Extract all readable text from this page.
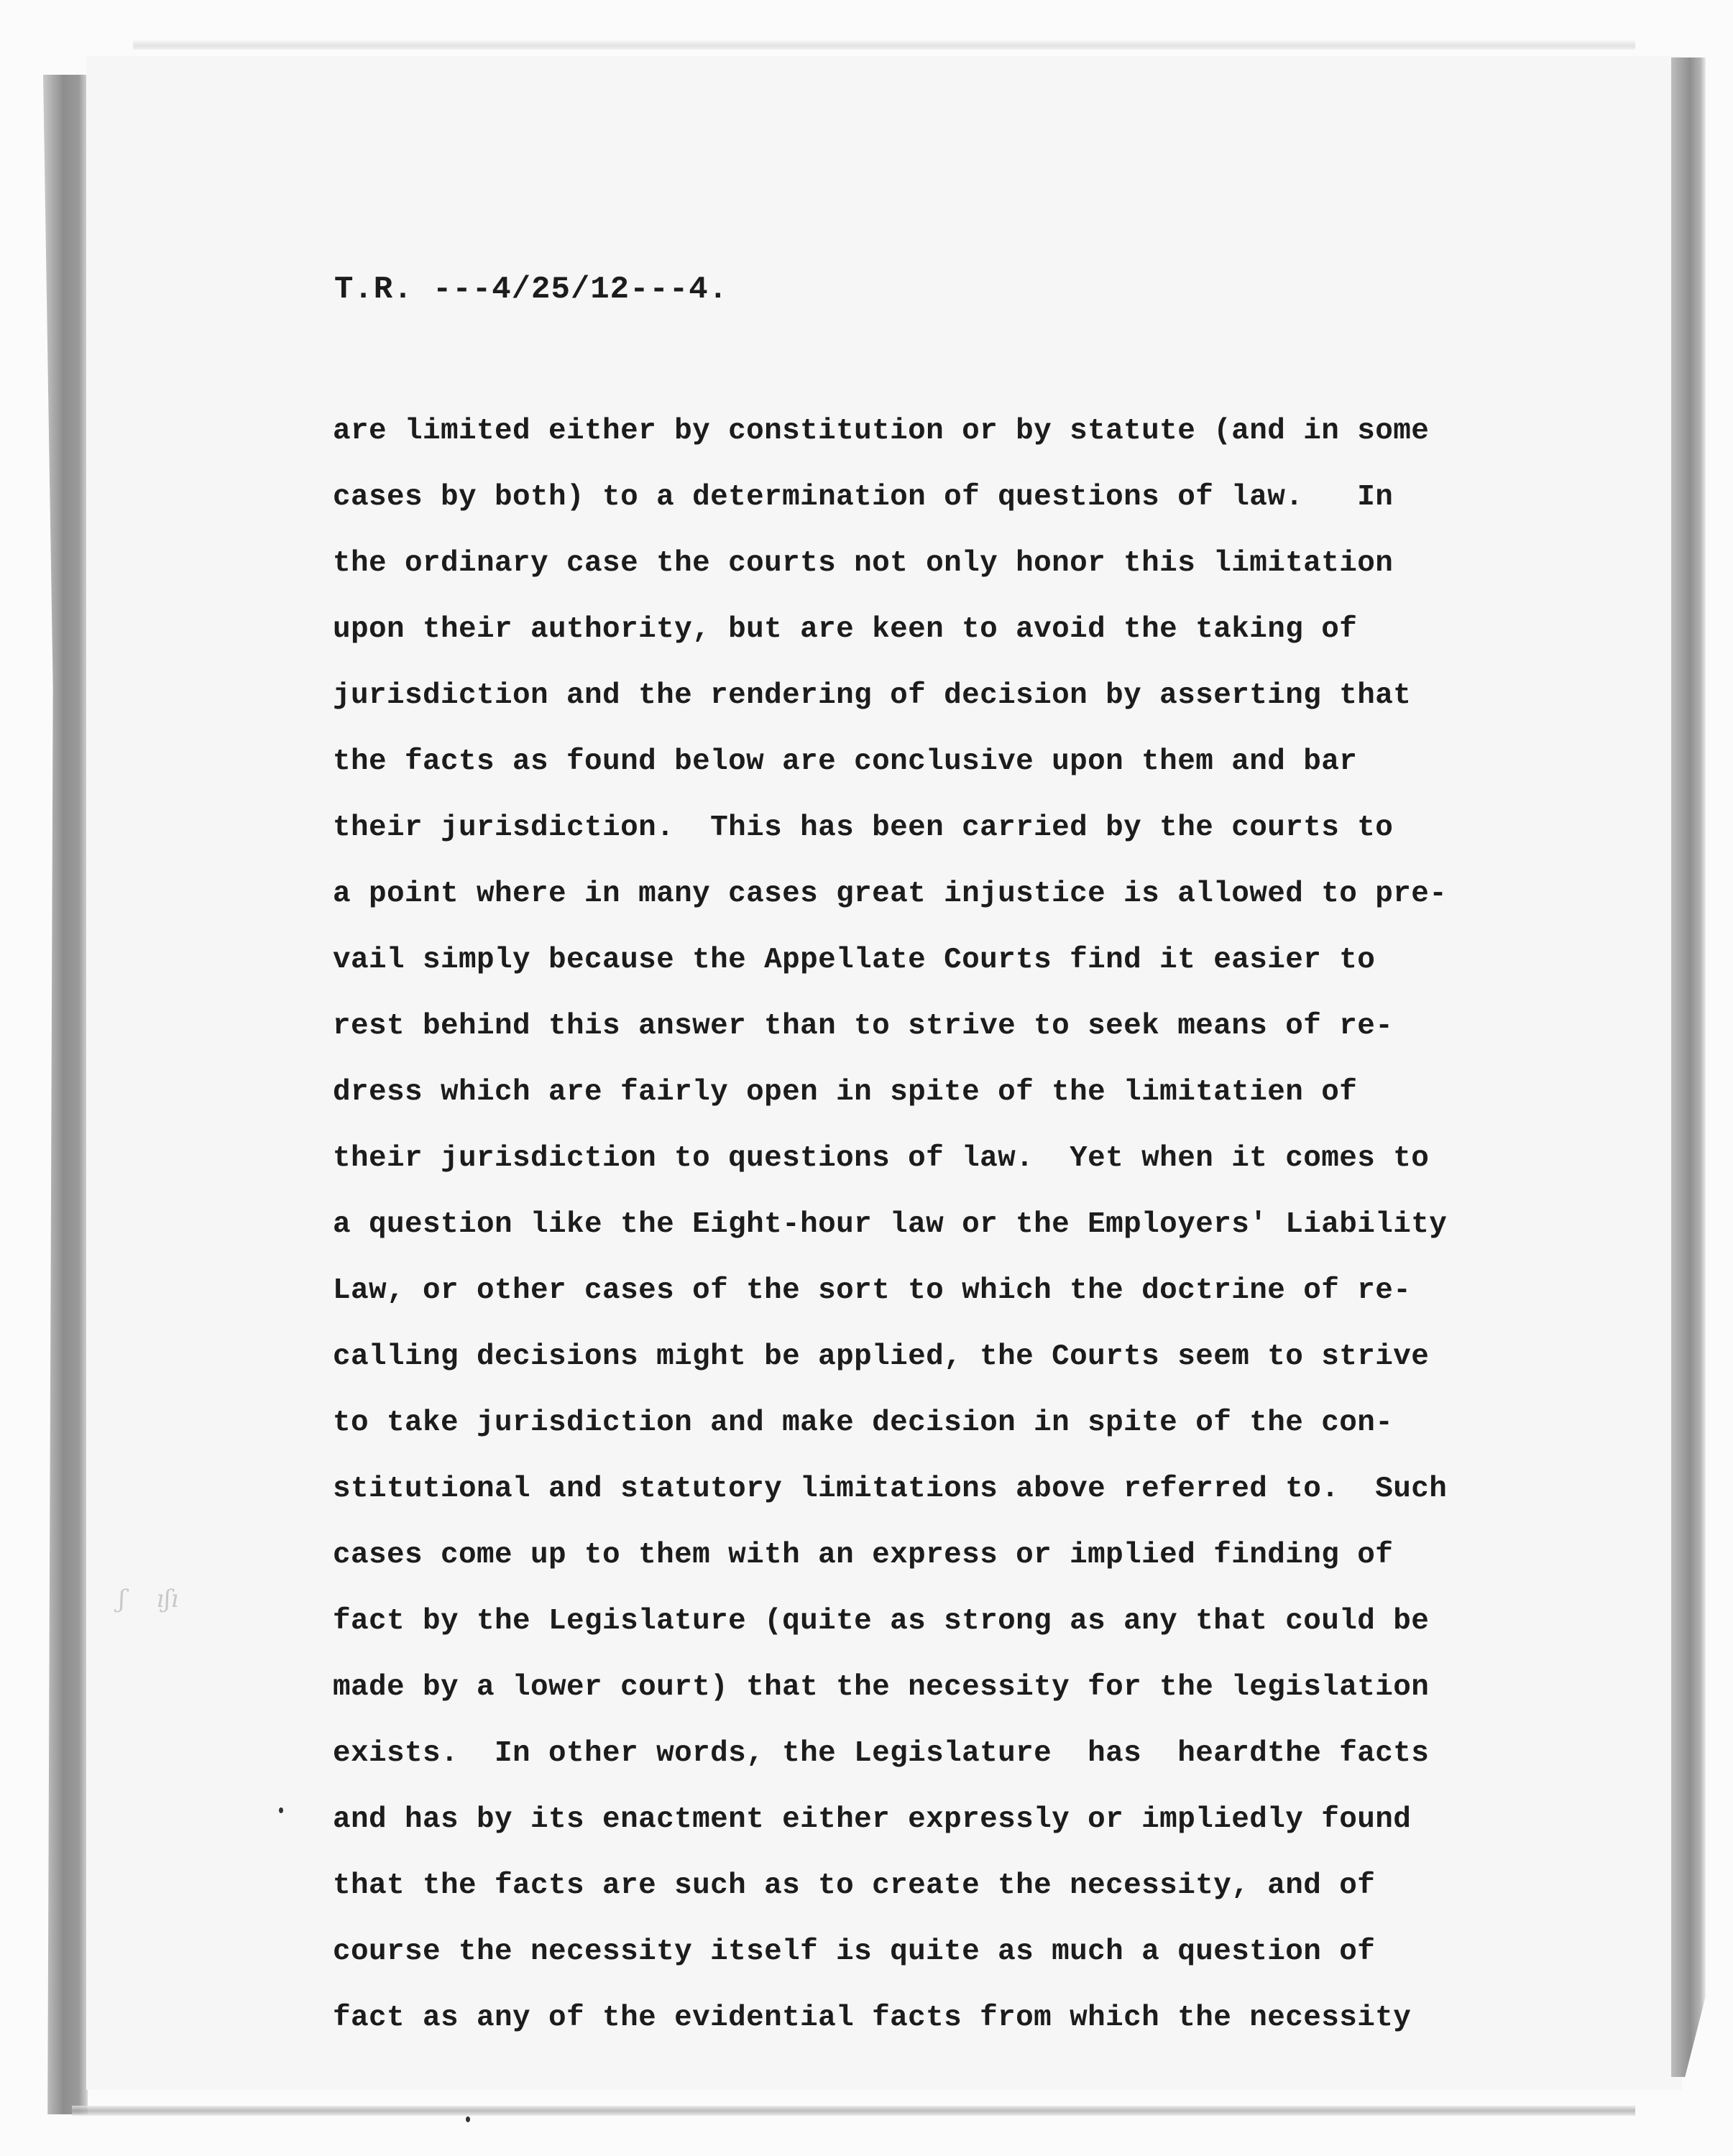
ʃ    ıʃı
T.R. ---4/25/12---4.
are limited either by constitution or by statute (and in some
cases by both) to a determination of questions of law.   In
the ordinary case the courts not only honor this limitation
upon their authority, but are keen to avoid the taking of
jurisdiction and the rendering of decision by asserting that
the facts as found below are conclusive upon them and bar
their jurisdiction.  This has been carried by the courts to
a point where in many cases great injustice is allowed to pre-
vail simply because the Appellate Courts find it easier to
rest behind this answer than to strive to seek means of re-
dress which are fairly open in spite of the limitatien of
their jurisdiction to questions of law.  Yet when it comes to
a question like the Eight-hour law or the Employers' Liability
Law, or other cases of the sort to which the doctrine of re-
calling decisions might be applied, the Courts seem to strive
to take jurisdiction and make decision in spite of the con-
stitutional and statutory limitations above referred to.  Such
cases come up to them with an express or implied finding of
fact by the Legislature (quite as strong as any that could be
made by a lower court) that the necessity for the legislation
exists.  In other words, the Legislature  has  heardthe facts
and has by its enactment either expressly or impliedly found
that the facts are such as to create the necessity, and of
course the necessity itself is quite as much a question of
fact as any of the evidential facts from which the necessity
